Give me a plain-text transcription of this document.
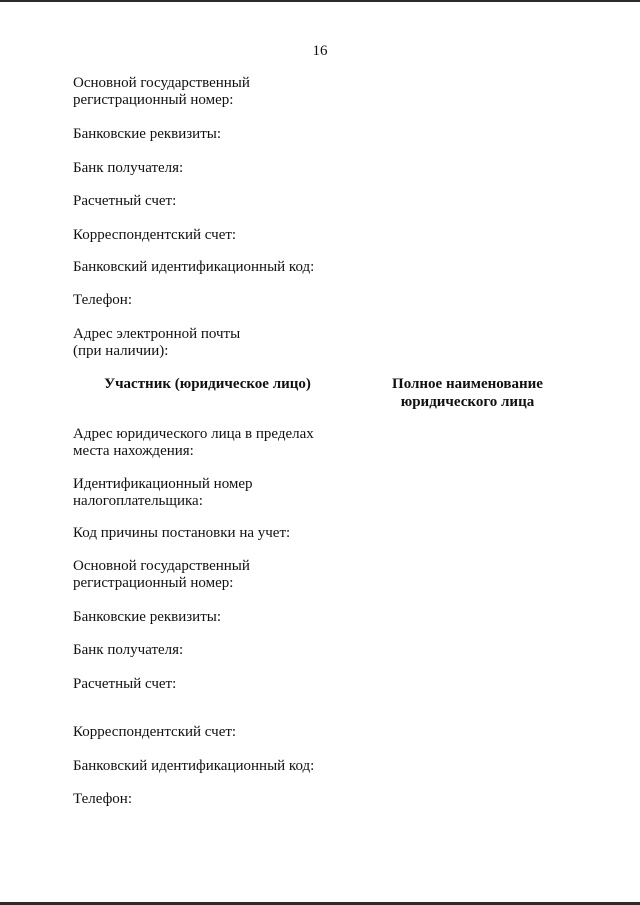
16
Основной государственный
регистрационный номер:
Банковские реквизиты:
Банк получателя:
Расчетный счет:
Корреспондентский счет:
Банковский идентификационный код:
Телефон:
Адрес электронной почты
(при наличии):
Участник (юридическое лицо)	Полное наименование
юридического лица
Адрес юридического лица в пределах
места нахождения:
Идентификационный номер
налогоплательщика:
Код причины постановки на учет:
Основной государственный
регистрационный номер:
Банковские реквизиты:
Банк получателя:
Расчетный счет:
Корреспондентский счет:
Банковский идентификационный код:
Телефон:
